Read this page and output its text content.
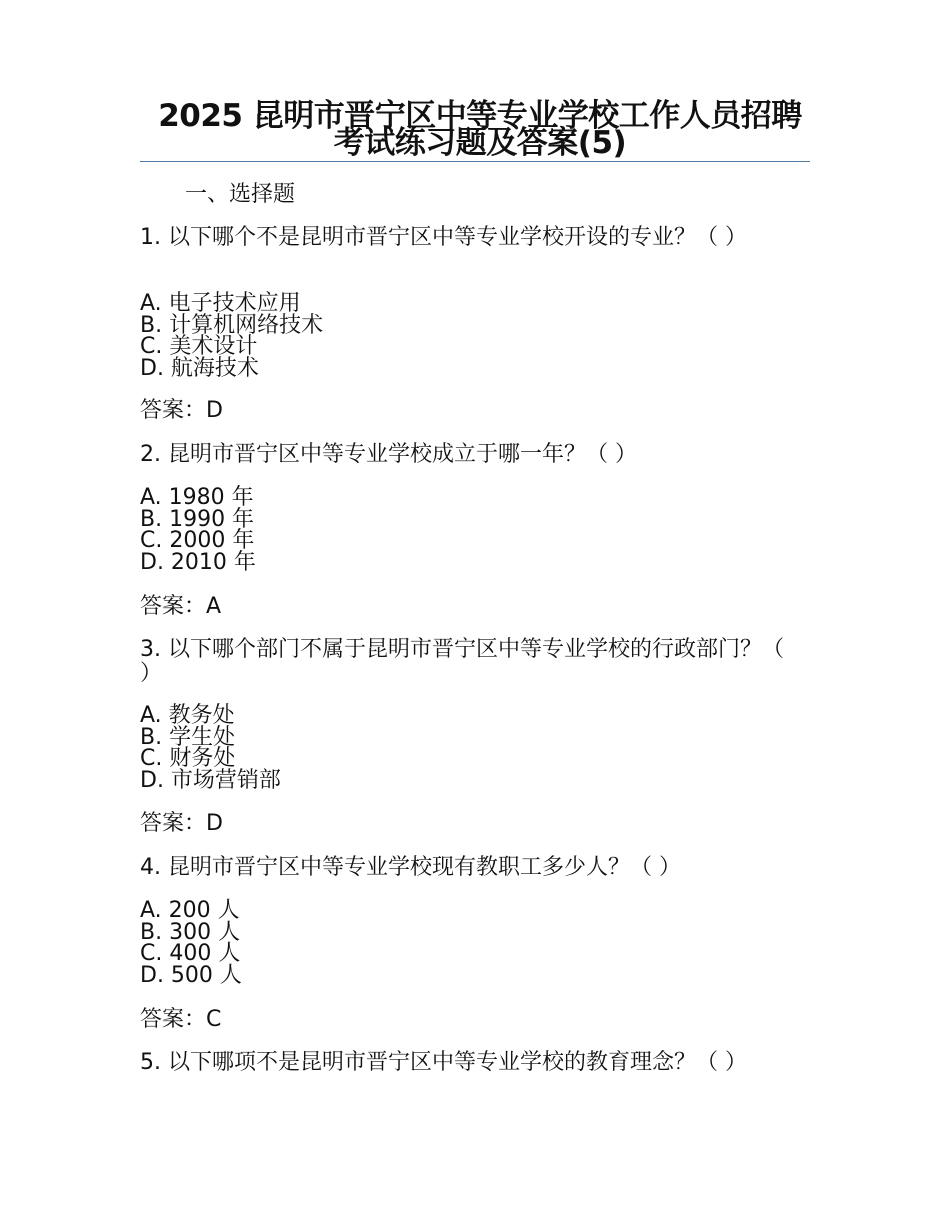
2025 昆明市晋宁区中等专业学校工作人员招聘考试练习题及答案(5)

一、选择题

1. 以下哪个不是昆明市晋宁区中等专业学校开设的专业？（ ）

A. 电子技术应用
B. 计算机网络技术
C. 美术设计
D. 航海技术

答案：D

2. 昆明市晋宁区中等专业学校成立于哪一年？（ ）

A. 1980 年
B. 1990 年
C. 2000 年
D. 2010 年

答案：A

3. 以下哪个部门不属于昆明市晋宁区中等专业学校的行政部门？（ ）

A. 教务处
B. 学生处
C. 财务处
D. 市场营销部

答案：D

4. 昆明市晋宁区中等专业学校现有教职工多少人？（ ）

A. 200 人
B. 300 人
C. 400 人
D. 500 人

答案：C

5. 以下哪项不是昆明市晋宁区中等专业学校的教育理念？（ ）
